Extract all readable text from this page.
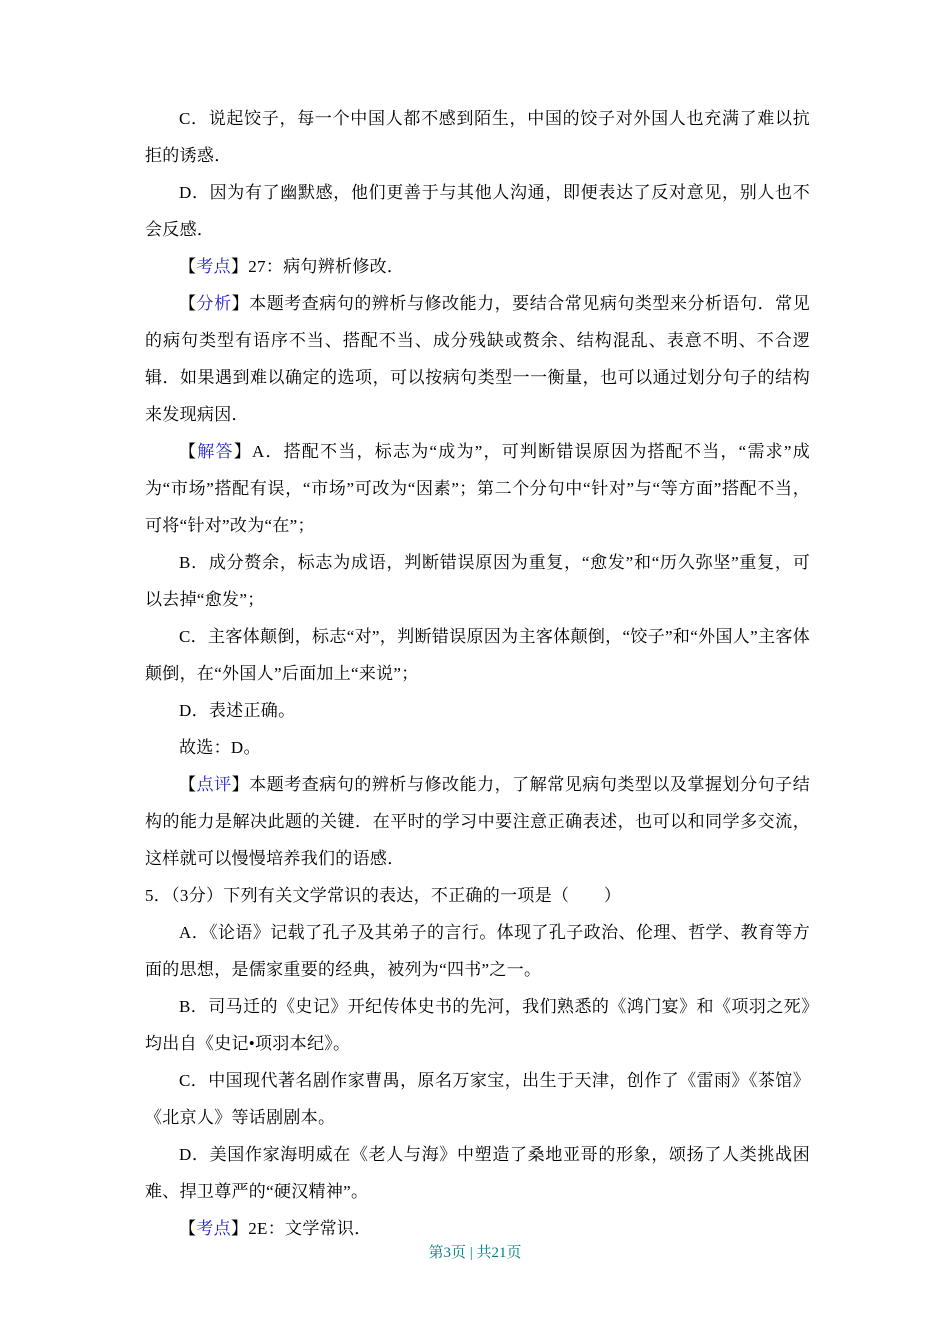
C．说起饺子，每一个中国人都不感到陌生，中国的饺子对外国人也充满了难以抗拒的诱惑．

D．因为有了幽默感，他们更善于与其他人沟通，即便表达了反对意见，别人也不会反感．

【考点】27：病句辨析修改．

【分析】本题考查病句的辨析与修改能力，要结合常见病句类型来分析语句．常见的病句类型有语序不当、搭配不当、成分残缺或赘余、结构混乱、表意不明、不合逻辑．如果遇到难以确定的选项，可以按病句类型一一衡量，也可以通过划分句子的结构来发现病因．

【解答】A．搭配不当，标志为“成为”，可判断错误原因为搭配不当，“需求”成为“市场”搭配有误，“市场”可改为“因素”；第二个分句中“针对”与“等方面”搭配不当，可将“针对”改为“在”；

B．成分赘余，标志为成语，判断错误原因为重复，“愈发”和“历久弥坚”重复，可以去掉“愈发”；

C．主客体颠倒，标志“对”，判断错误原因为主客体颠倒，“饺子”和“外国人”主客体颠倒，在“外国人”后面加上“来说”；

D．表述正确。

故选：D。

【点评】本题考查病句的辨析与修改能力，了解常见病句类型以及掌握划分句子结构的能力是解决此题的关键．在平时的学习中要注意正确表述，也可以和同学多交流，这样就可以慢慢培养我们的语感．

5．（3分）下列有关文学常识的表达，不正确的一项是（　　）

A．《论语》记载了孔子及其弟子的言行。体现了孔子政治、伦理、哲学、教育等方面的思想，是儒家重要的经典，被列为“四书”之一。

B．司马迁的《史记》开纪传体史书的先河，我们熟悉的《鸿门宴》和《项羽之死》均出自《史记•项羽本纪》。

C．中国现代著名剧作家曹禺，原名万家宝，出生于天津，创作了《雷雨》《茶馆》《北京人》等话剧剧本。

D．美国作家海明威在《老人与海》中塑造了桑地亚哥的形象，颂扬了人类挑战困难、捍卫尊严的“硬汉精神”。

【考点】2E：文学常识．

第3页 | 共21页
